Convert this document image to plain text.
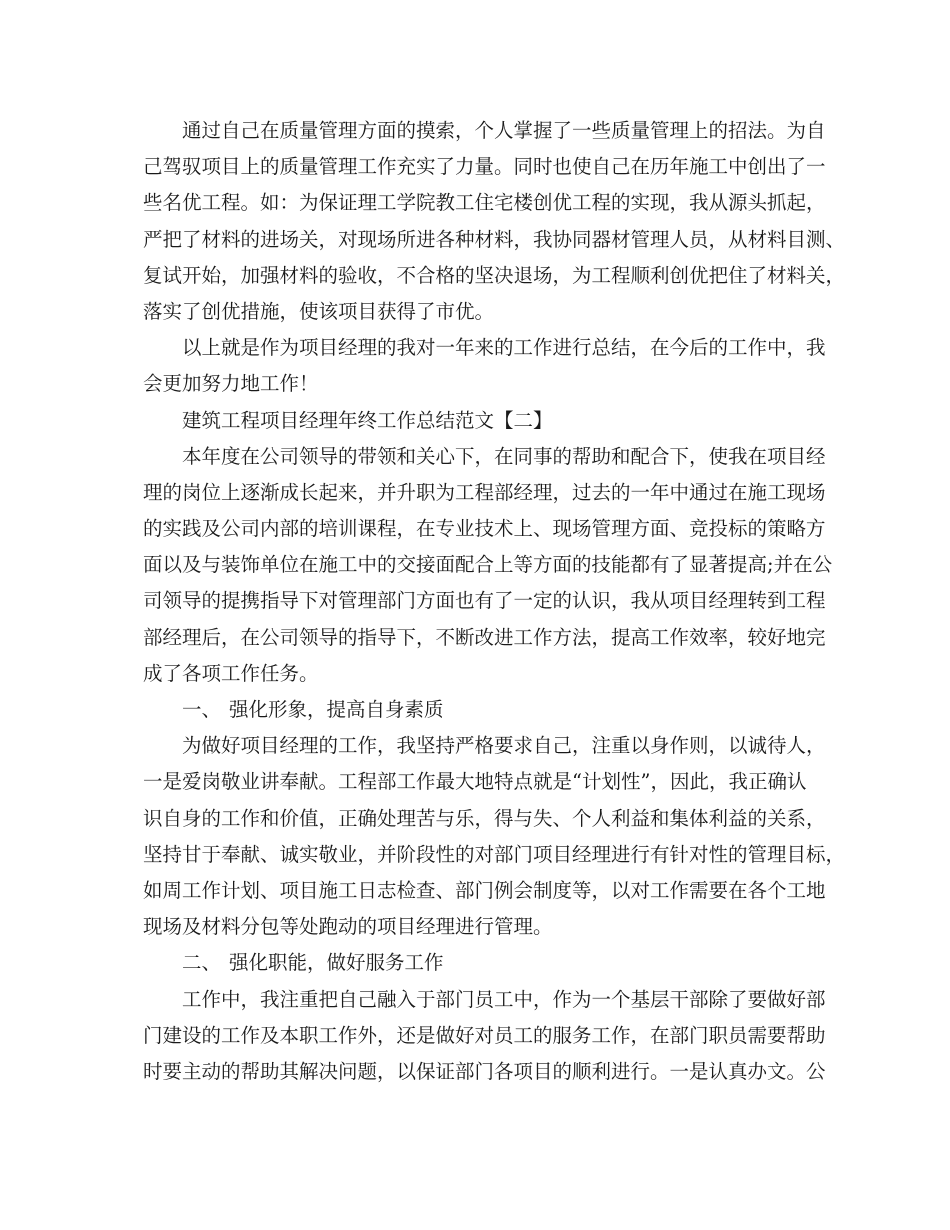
通过自己在质量管理方面的摸索，个人掌握了一些质量管理上的招法。为自
己驾驭项目上的质量管理工作充实了力量。同时也使自己在历年施工中创出了一
些名优工程。如：为保证理工学院教工住宅楼创优工程的实现，我从源头抓起，
严把了材料的进场关，对现场所进各种材料，我协同器材管理人员，从材料目测、
复试开始，加强材料的验收，不合格的坚决退场，为工程顺利创优把住了材料关，
落实了创优措施，使该项目获得了市优。
以上就是作为项目经理的我对一年来的工作进行总结，在今后的工作中，我
会更加努力地工作！
建筑工程项目经理年终工作总结范文【二】
本年度在公司领导的带领和关心下，在同事的帮助和配合下，使我在项目经
理的岗位上逐渐成长起来，并升职为工程部经理，过去的一年中通过在施工现场
的实践及公司内部的培训课程，在专业技术上、现场管理方面、竞投标的策略方
面以及与装饰单位在施工中的交接面配合上等方面的技能都有了显著提高;并在公
司领导的提携指导下对管理部门方面也有了一定的认识，我从项目经理转到工程
部经理后，在公司领导的指导下，不断改进工作方法，提高工作效率，较好地完
成了各项工作任务。
一、 强化形象，提高自身素质
为做好项目经理的工作，我坚持严格要求自己，注重以身作则，以诚待人，
一是爱岗敬业讲奉献。工程部工作最大地特点就是“计划性”，因此，我正确认
识自身的工作和价值，正确处理苦与乐，得与失、个人利益和集体利益的关系，
坚持甘于奉献、诚实敬业，并阶段性的对部门项目经理进行有针对性的管理目标，
如周工作计划、项目施工日志检查、部门例会制度等，以对工作需要在各个工地
现场及材料分包等处跑动的项目经理进行管理。
二、 强化职能，做好服务工作
工作中，我注重把自己融入于部门员工中，作为一个基层干部除了要做好部
门建设的工作及本职工作外，还是做好对员工的服务工作，在部门职员需要帮助
时要主动的帮助其解决问题，以保证部门各项目的顺利进行。一是认真办文。公
